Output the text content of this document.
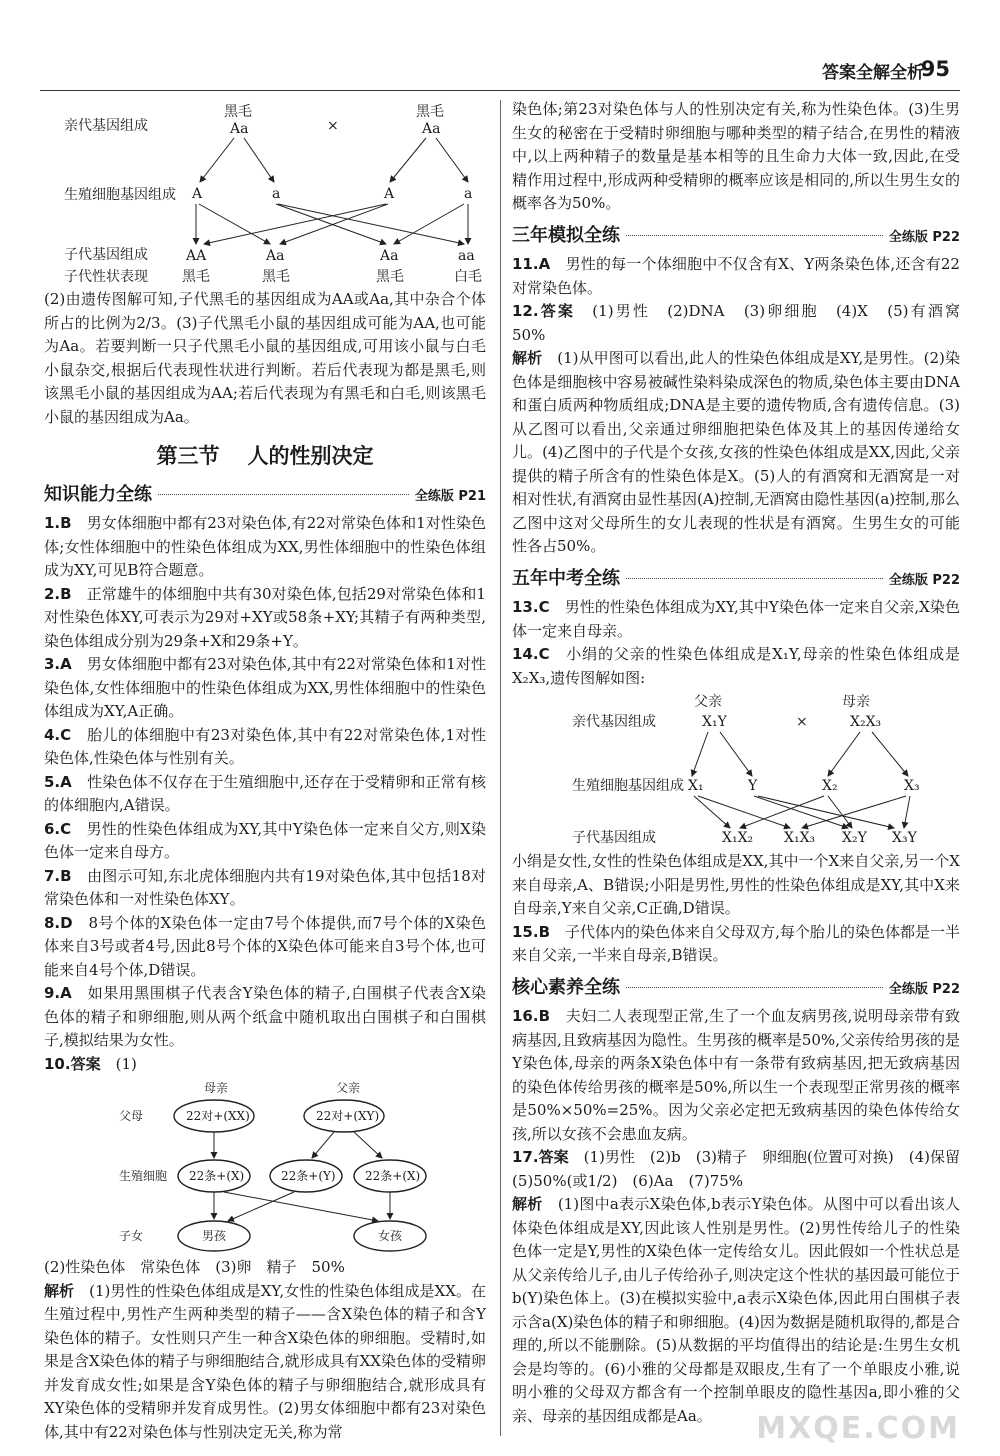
答案全解全析
95
亲代基因组成
生殖细胞基因组成
子代基因组成
子代性状表现
黑毛
Aa	×
黑毛
Aa
A	a	A	a
AA	Aa	Aa	aa
黑毛	黑毛	黑毛	白毛

(2)由遗传图解可知,子代黑毛的基因组成为AA或Aa,其中杂合个体所占的比例为2/3。(3)子代黑毛小鼠的基因组成可能为AA,也可能为Aa。若要判断一只子代黑毛小鼠的基因组成,可用该小鼠与白毛小鼠杂交,根据后代表现性状进行判断。若后代表现为都是黑毛,则该黑毛小鼠的基因组成为AA;若后代表现为有黑毛和白毛,则该黑毛小鼠的基因组成为Aa。

第三节 人的性别决定
知识能力全练	全练版 P21

1.B　 男女体细胞中都有23对染色体,有22对常染色体和1对性染色体;女性体细胞中的性染色体组成为XX,男性体细胞中的性染色体组成为XY,可见B符合题意。

2.B　 正常雄牛的体细胞中共有30对染色体,包括29对常染色体和1对性染色体XY,可表示为29对+XY或58条+XY;其精子有两种类型,染色体组成分别为29条+X和29条+Y。

3.A　 男女体细胞中都有23对染色体,其中有22对常染色体和1对性染色体,女性体细胞中的性染色体组成为XX,男性体细胞中的性染色体组成为XY,A正确。

4.C　 胎儿的体细胞中有23对染色体,其中有22对常染色体,1对性染色体,性染色体与性别有关。

5.A　 性染色体不仅存在于生殖细胞中,还存在于受精卵和正常有核的体细胞内,A错误。

6.C　 男性的性染色体组成为XY,其中Y染色体一定来自父方,则X染色体一定来自母方。

7.B　 由图示可知,东北虎体细胞内共有19对染色体,其中包括18对常染色体和一对性染色体XY。

8.D　 8号个体的X染色体一定由7号个体提供,而7号个体的X染色体来自3号或者4号,因此8号个体的X染色体可能来自3号个体,也可能来自4号个体,D错误。

9.A　 如果用黑围棋子代表含Y染色体的精子,白围棋子代表含X染色体的精子和卵细胞,则从两个纸盒中随机取出白围棋子和白围棋子,模拟结果为女性。

10.答案　 (1)

母亲	父亲
父母
生殖细胞
子女
22对+(XX)	22对+(XY)
22条+(X)	22条+(Y) 22条+(X)
男孩	女孩

(2)性染色体　常染色体　(3)卵　精子　50%

解析　 (1)男性的性染色体组成是XY,女性的性染色体组成是XX。在生殖过程中,男性产生两种类型的精子——含X染色体的精子和含Y染色体的精子。女性则只产生一种含X染色体的卵细胞。受精时,如果是含X染色体的精子与卵细胞结合,就形成具有XX染色体的受精卵并发育成女性;如果是含Y染色体的精子与卵细胞结合,就形成具有XY染色体的受精卵并发育成男性。(2)男女体细胞中都有23对染色体,其中有22对染色体与性别决定无关,称为常

染色体;第23对染色体与人的性别决定有关,称为性染色体。(3)生男生女的秘密在于受精时卵细胞与哪种类型的精子结合,在男性的精液中,以上两种精子的数量是基本相等的且生命力大体一致,因此,在受精作用过程中,形成两种受精卵的概率应该是相同的,所以生男生女的概率各为50%。

三年模拟全练	全练版 P22

11.A　 男性的每一个体细胞中不仅含有X、Y两条染色体,还含有22对常染色体。

12.答案　 (1)男性　(2)DNA　(3)卵细胞　(4)X　(5)有酒窝　50%

解析　 (1)从甲图可以看出,此人的性染色体组成是XY,是男性。(2)染色体是细胞核中容易被碱性染料染成深色的物质,染色体主要由DNA和蛋白质两种物质组成;DNA是主要的遗传物质,含有遗传信息。(3)从乙图可以看出,父亲通过卵细胞把染色体及其上的基因传递给女儿。(4)乙图中的子代是个女孩,女孩的性染色体组成是XX,因此,父亲提供的精子所含有的性染色体是X。(5)人的有酒窝和无酒窝是一对相对性状,有酒窝由显性基因(A)控制,无酒窝由隐性基因(a)控制,那么乙图中这对父母所生的女儿表现的性状是有酒窝。生男生女的可能性各占50%。

五年中考全练	全练版 P22

13.C　 男性的性染色体组成为XY,其中Y染色体一定来自父亲,X染色体一定来自母亲。

14.C　 小绢的父亲的性染色体组成是X₁Y,母亲的性染色体组成是X₂X₃,遗传图解如图:

父亲	母亲
亲代基因组成
生殖细胞基因组成
子代基因组成
X₁Y	×	X₂X₃
X₁	Y	X₂	X₃
X₁X₂ X₁X₃ X₂Y X₃Y

小绢是女性,女性的性染色体组成是XX,其中一个X来自父亲,另一个X来自母亲,A、B错误;小阳是男性,男性的性染色体组成是XY,其中X来自母亲,Y来自父亲,C正确,D错误。

15.B　 子代体内的染色体来自父母双方,每个胎儿的染色体都是一半来自父亲,一半来自母亲,B错误。

核心素养全练	全练版 P22

16.B　 夫妇二人表现型正常,生了一个血友病男孩,说明母亲带有致病基因,且致病基因为隐性。生男孩的概率是50%,父亲传给男孩的是Y染色体,母亲的两条X染色体中有一条带有致病基因,把无致病基因的染色体传给男孩的概率是50%,所以生一个表现型正常男孩的概率是50%×50%=25%。因为父亲必定把无致病基因的染色体传给女孩,所以女孩不会患血友病。

17.答案　 (1)男性　(2)b　(3)精子　卵细胞(位置可对换)　(4)保留　(5)50%(或1/2)　(6)Aa　(7)75%

解析　 (1)图中a表示X染色体,b表示Y染色体。从图中可以看出该人体染色体组成是XY,因此该人性别是男性。(2)男性传给儿子的性染色体一定是Y,男性的X染色体一定传给女儿。因此假如一个性状总是从父亲传给儿子,由儿子传给孙子,则决定这个性状的基因最可能位于b(Y)染色体上。(3)在模拟实验中,a表示X染色体,因此用白围棋子表示含a(X)染色体的精子和卵细胞。(4)因为数据是随机取得的,都是合理的,所以不能删除。(5)从数据的平均值得出的结论是:生男生女机会是均等的。(6)小雅的父母都是双眼皮,生有了一个单眼皮小雅,说明小雅的父母双方都含有一个控制单眼皮的隐性基因a,即小雅的父亲、母亲的基因组成都是Aa。	MXQE.COM
